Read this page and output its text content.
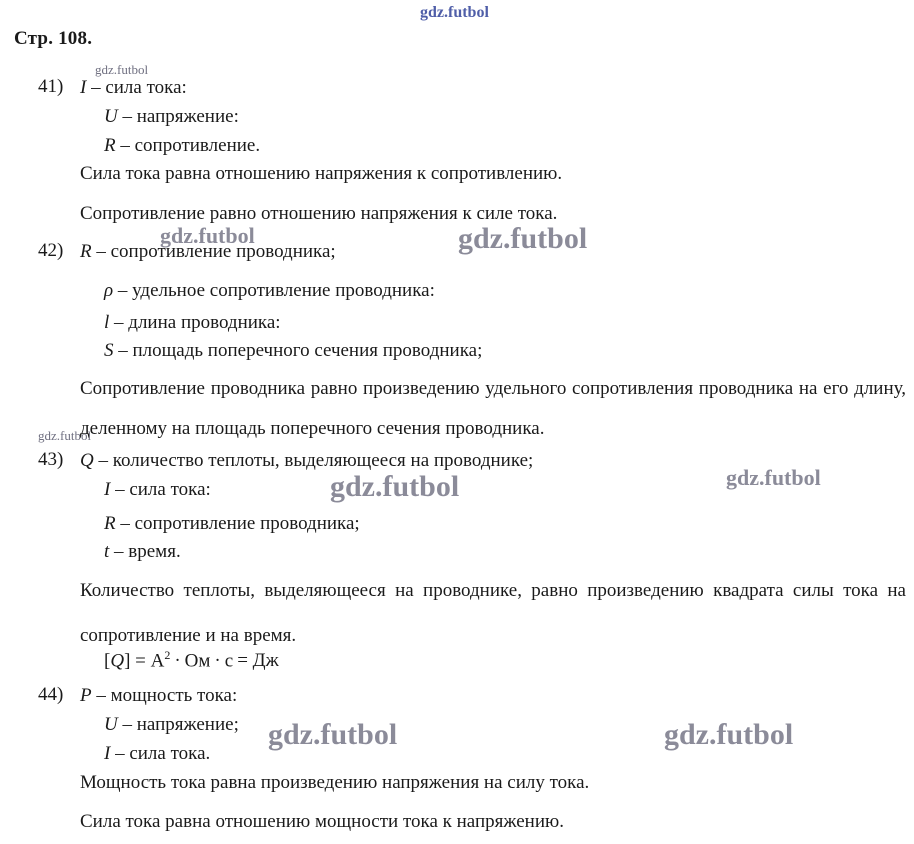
gdz.futbol
gdz.futbol
gdz.futbol	gdz.futbol
gdz.futbol
gdz.futbol	gdz.futbol
gdz.futbol	gdz.futbol
Стр. 108.
41) I – сила тока:
U – напряжение:
R – сопротивление.
Сила тока равна отношению напряжения к сопротивлению.
Сопротивление равно отношению напряжения к силе тока.
42) R – сопротивление проводника;
ρ – удельное сопротивление проводника:
l – длина проводника:
S – площадь поперечного сечения проводника;
Сопротивление проводника равно произведению удельного сопротивления проводника на его длину, деленному на площадь поперечного сечения проводника.
43) Q – количество теплоты, выделяющееся на проводнике;
I – сила тока:
R – сопротивление проводника;
t – время.
Количество теплоты, выделяющееся на проводнике, равно произведению квадрата силы тока на сопротивление и на время.
$[Q] = А^2$ · Ом · с = Дж
44) P – мощность тока:
U – напряжение;
I – сила тока.
Мощность тока равна произведению напряжения на силу тока.
Сила тока равна отношению мощности тока к напряжению.
